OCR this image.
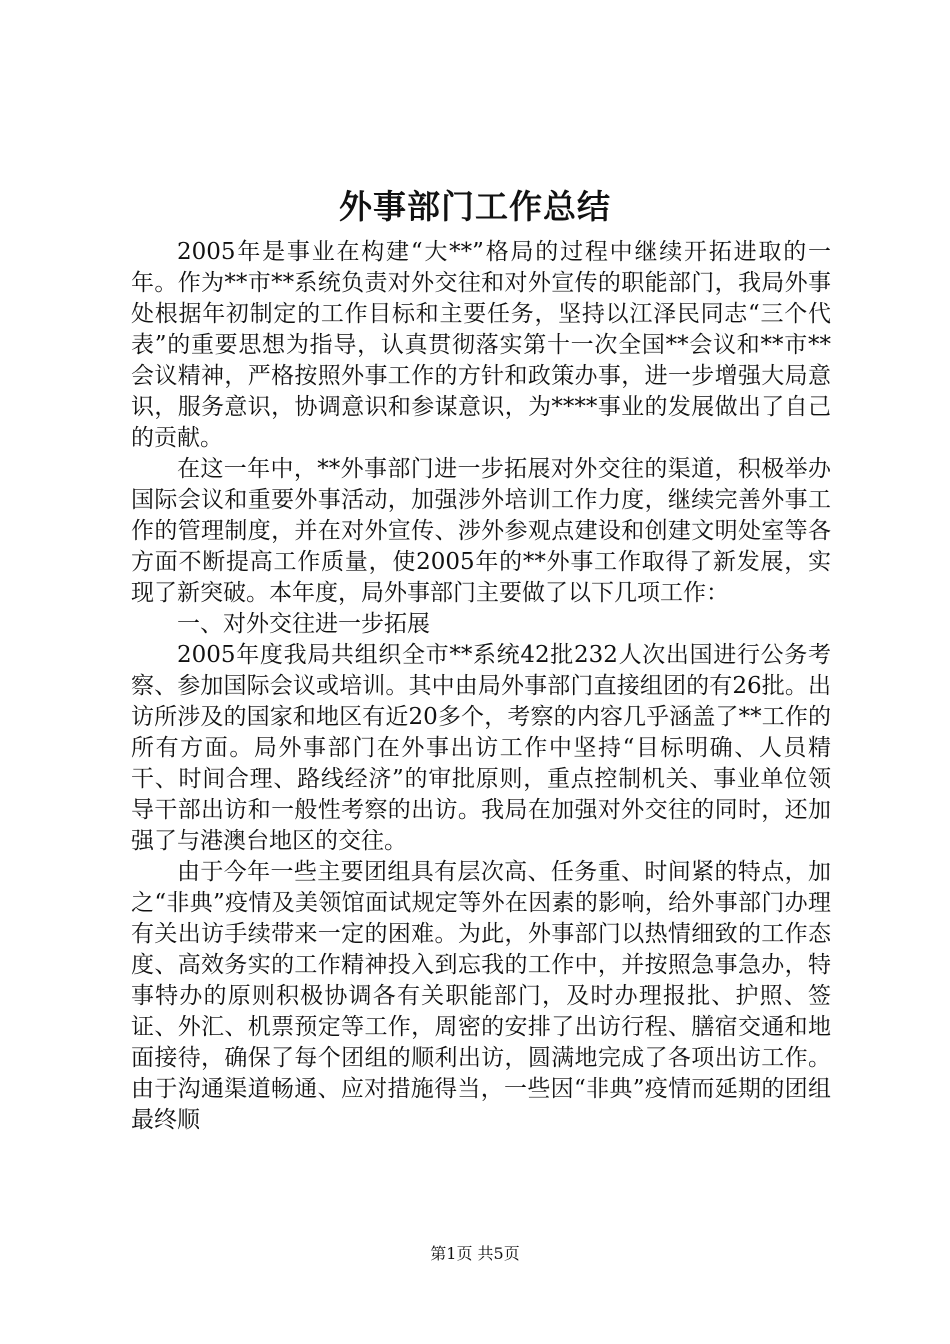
外事部门工作总结

2005年是事业在构建“大**”格局的过程中继续开拓进取的一年。作为**市**系统负责对外交往和对外宣传的职能部门，我局外事处根据年初制定的工作目标和主要任务，坚持以江泽民同志“三个代表”的重要思想为指导，认真贯彻落实第十一次全国**会议和**市**会议精神，严格按照外事工作的方针和政策办事，进一步增强大局意识，服务意识，协调意识和参谋意识，为****事业的发展做出了自己的贡献。

在这一年中，**外事部门进一步拓展对外交往的渠道，积极举办国际会议和重要外事活动，加强涉外培训工作力度，继续完善外事工作的管理制度，并在对外宣传、涉外参观点建设和创建文明处室等各方面不断提高工作质量，使2005年的**外事工作取得了新发展，实现了新突破。本年度，局外事部门主要做了以下几项工作：

一、对外交往进一步拓展

2005年度我局共组织全市**系统42批232人次出国进行公务考察、参加国际会议或培训。其中由局外事部门直接组团的有26批。出访所涉及的国家和地区有近20多个，考察的内容几乎涵盖了**工作的所有方面。局外事部门在外事出访工作中坚持“目标明确、人员精干、时间合理、路线经济”的审批原则，重点控制机关、事业单位领导干部出访和一般性考察的出访。我局在加强对外交往的同时，还加强了与港澳台地区的交往。

由于今年一些主要团组具有层次高、任务重、时间紧的特点，加之“非典”疫情及美领馆面试规定等外在因素的影响，给外事部门办理有关出访手续带来一定的困难。为此，外事部门以热情细致的工作态度、高效务实的工作精神投入到忘我的工作中，并按照急事急办，特事特办的原则积极协调各有关职能部门，及时办理报批、护照、签证、外汇、机票预定等工作，周密的安排了出访行程、膳宿交通和地面接待，确保了每个团组的顺利出访，圆满地完成了各项出访工作。由于沟通渠道畅通、应对措施得当，一些因“非典”疫情而延期的团组最终顺

第1页 共5页
